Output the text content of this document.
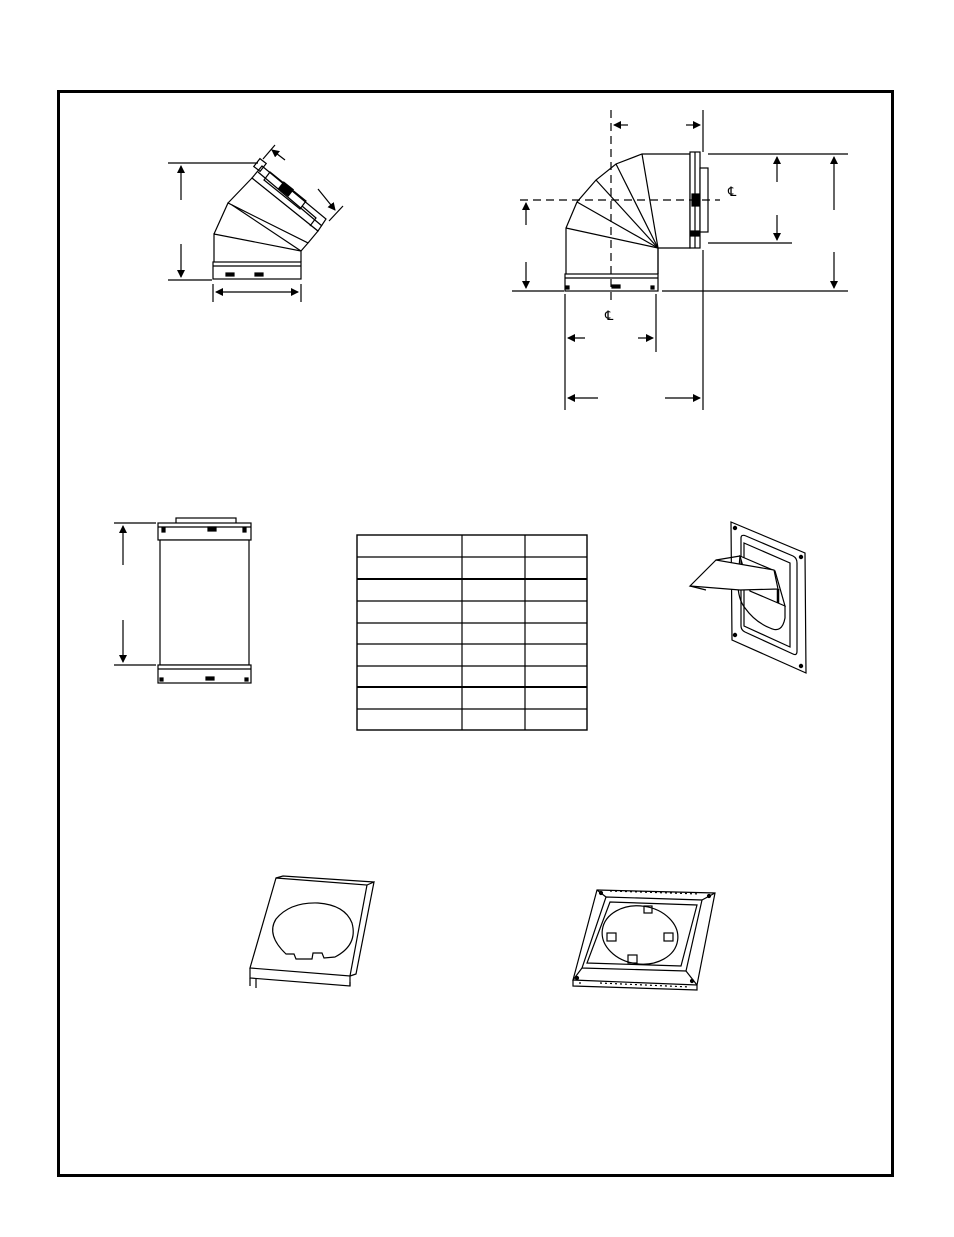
℄
℄
